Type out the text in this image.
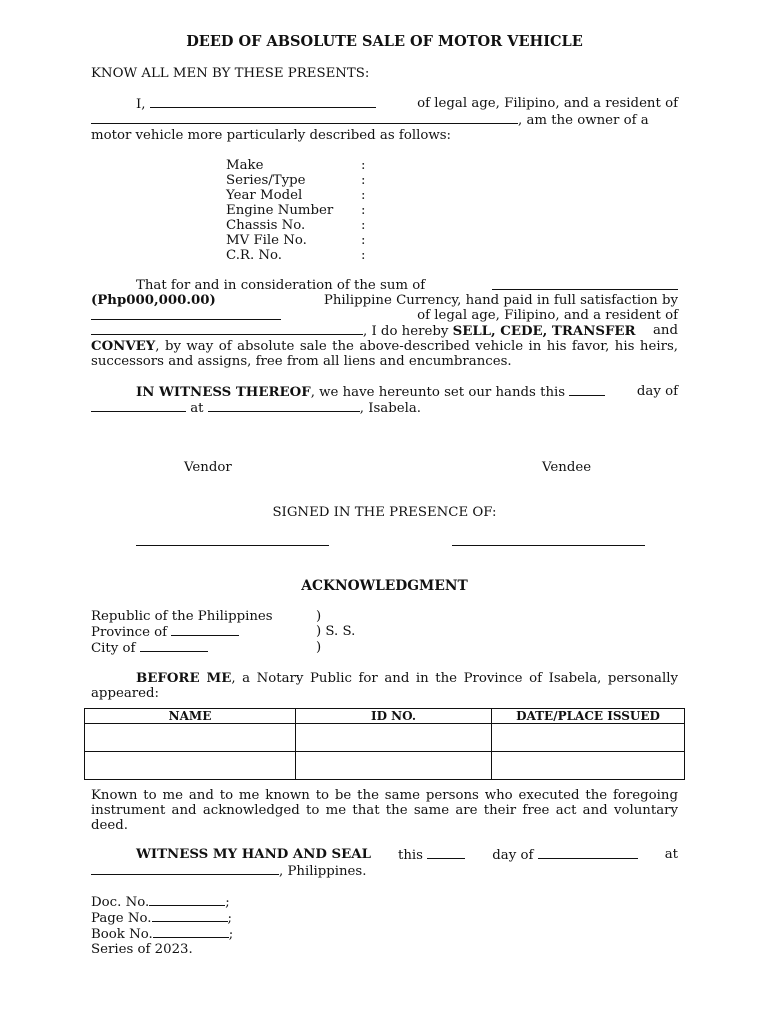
DEED OF ABSOLUTE SALE OF MOTOR VEHICLE
KNOW ALL MEN BY THESE PRESENTS:
I,	of legal age, Filipino, and a resident of
, am the owner of a
motor vehicle more particularly described as follows:
Make	:
Series/Type	:
Year Model	:
Engine Number	:
Chassis No.	:
MV File No.	:
C.R. No.	:
That for and in consideration of the sum of
(Php000,000.00)	Philippine Currency, hand paid in full satisfaction by
of legal age, Filipino, and a resident of
, I do hereby SELL, CEDE, TRANSFER and
CONVEY, by way of absolute sale the above-described vehicle in his favor, his heirs, successors and assigns, free from all liens and encumbrances.
IN WITNESS THEREOF, we have hereunto set our hands this	day of
at	, Isabela.
Vendor	Vendee
SIGNED IN THE PRESENCE OF:
ACKNOWLEDGMENT
Republic of the Philippines	)
Province of	) S. S.
City of	)
BEFORE ME, a Notary Public for and in the Province of Isabela, personally appeared:
NAME	ID NO.	DATE/PLACE ISSUED

Known to me and to me known to be the same persons who executed the foregoing instrument and acknowledged to me that the same are their free act and voluntary deed.
WITNESS MY HAND AND SEAL this	day of	at
, Philippines.
Doc. No.	;
Page No.	;
Book No.	;
Series of 2023.
